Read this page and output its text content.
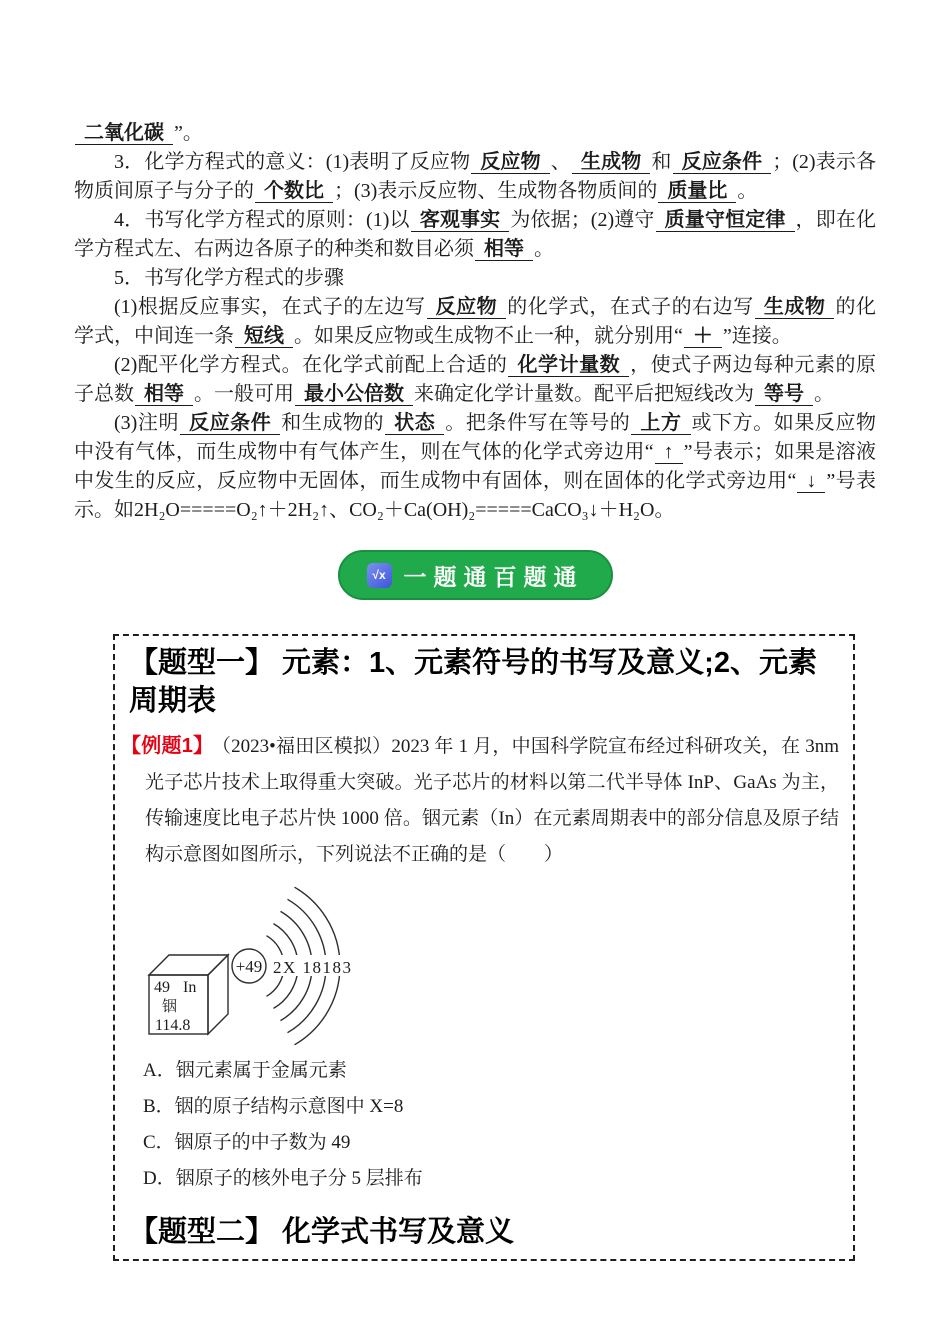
二氧化碳 ”。

3．化学方程式的意义：(1)表明了反应物 反应物 、 生成物 和 反应条件 ；(2)表示各物质间原子与分子的 个数比 ；(3)表示反应物、生成物各物质间的 质量比 。

4．书写化学方程式的原则：(1)以 客观事实 为依据；(2)遵守 质量守恒定律 ，即在化学方程式左、右两边各原子的种类和数目必须 相等 。

5．书写化学方程式的步骤

(1)根据反应事实，在式子的左边写 反应物 的化学式，在式子的右边写 生成物 的化学式，中间连一条 短线 。如果反应物或生成物不止一种，就分别用“ ＋ ”连接。

(2)配平化学方程式。在化学式前配上合适的 化学计量数 ，使式子两边每种元素的原子总数 相等 。一般可用 最小公倍数 来确定化学计量数。配平后把短线改为 等号 。

(3)注明 反应条件 和生成物的 状态 。把条件写在等号的 上方 或下方。如果反应物中没有气体，而生成物中有气体产生，则在气体的化学式旁边用“ ↑ ”号表示；如果是溶液中发生的反应，反应物中无固体，而生成物中有固体，则在固体的化学式旁边用“ ↓ ”号表示。如2H₂O=====O₂↑＋2H₂↑、CO₂＋Ca(OH)₂=====CaCO₃↓＋H₂O。

√x 一题通百题通
【题型一】 元素：1、元素符号的书写及意义;2、元素周期表
【例题1】 （2023•福田区模拟）2023 年 1 月，中国科学院宣布经过科研攻关，在 3nm 光子芯片技术上取得重大突破。光子芯片的材料以第二代半导体 InP、GaAs 为主，传输速度比电子芯片快 1000 倍。铟元素（In）在元素周期表中的部分信息及原子结构示意图如图所示，下列说法不正确的是（　　）
49 In
铟
114.8
+49 2X 18183
A．铟元素属于金属元素
B．铟的原子结构示意图中 X=8
C．铟原子的中子数为 49
D．铟原子的核外电子分 5 层排布
【题型二】 化学式书写及意义
